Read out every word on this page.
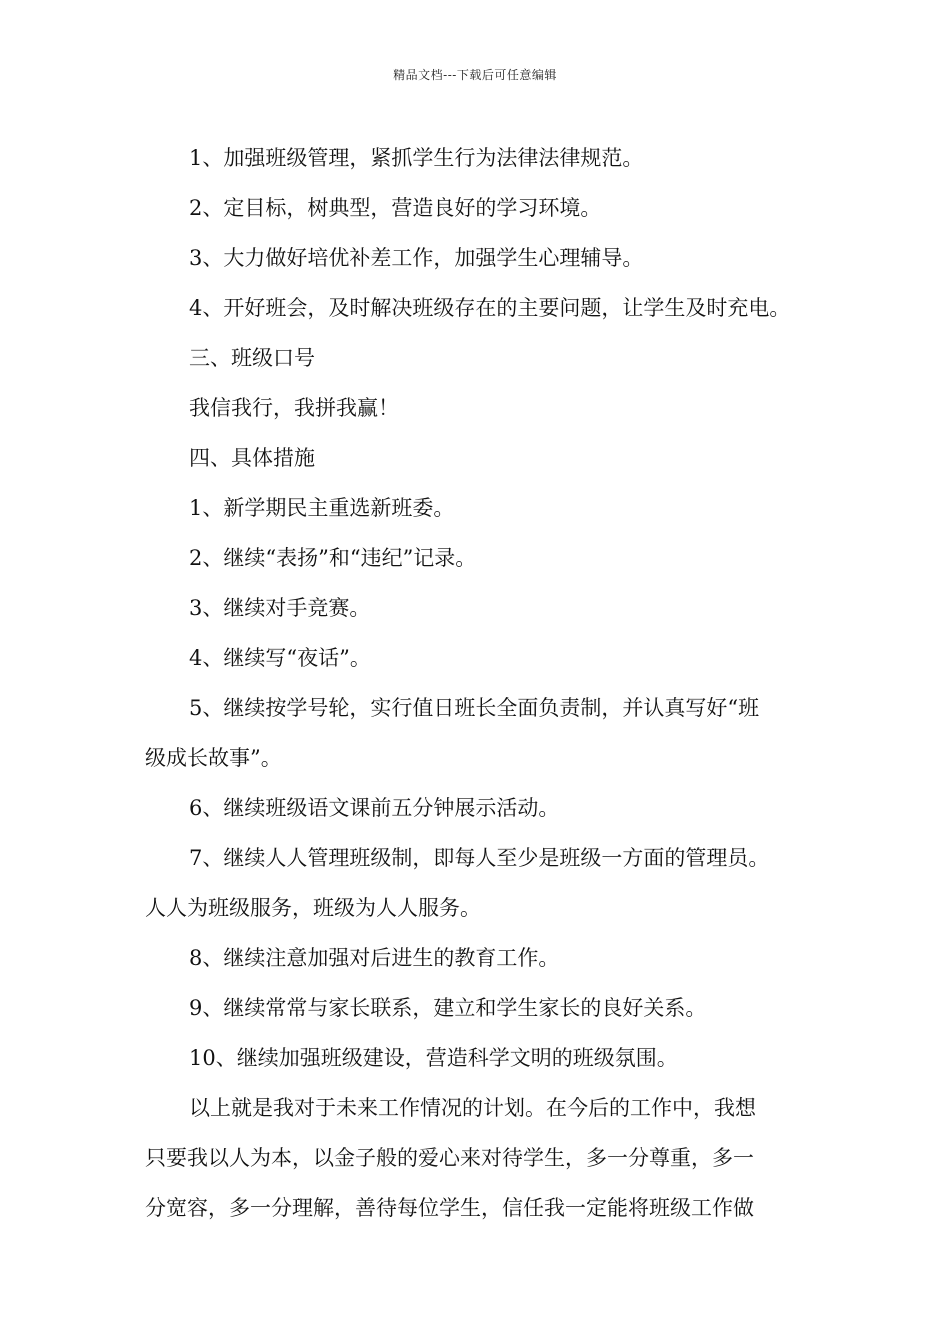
精品文档---下载后可任意编辑

1、加强班级管理，紧抓学生行为法律法律规范。

2、定目标，树典型，营造良好的学习环境。

3、大力做好培优补差工作，加强学生心理辅导。

4、开好班会，及时解决班级存在的主要问题，让学生及时充电。

三、班级口号

我信我行，我拼我赢！

四、具体措施

1、新学期民主重选新班委。

2、继续“表扬”和“违纪”记录。

3、继续对手竞赛。

4、继续写“夜话”。

5、继续按学号轮，实行值日班长全面负责制，并认真写好“班

级成长故事”。

6、继续班级语文课前五分钟展示活动。

7、继续人人管理班级制，即每人至少是班级一方面的管理员。

人人为班级服务，班级为人人服务。

8、继续注意加强对后进生的教育工作。

9、继续常常与家长联系，建立和学生家长的良好关系。

10、继续加强班级建设，营造科学文明的班级氛围。

以上就是我对于未来工作情况的计划。在今后的工作中，我想

只要我以人为本，以金子般的爱心来对待学生，多一分尊重，多一

分宽容，多一分理解，善待每位学生，信任我一定能将班级工作做
